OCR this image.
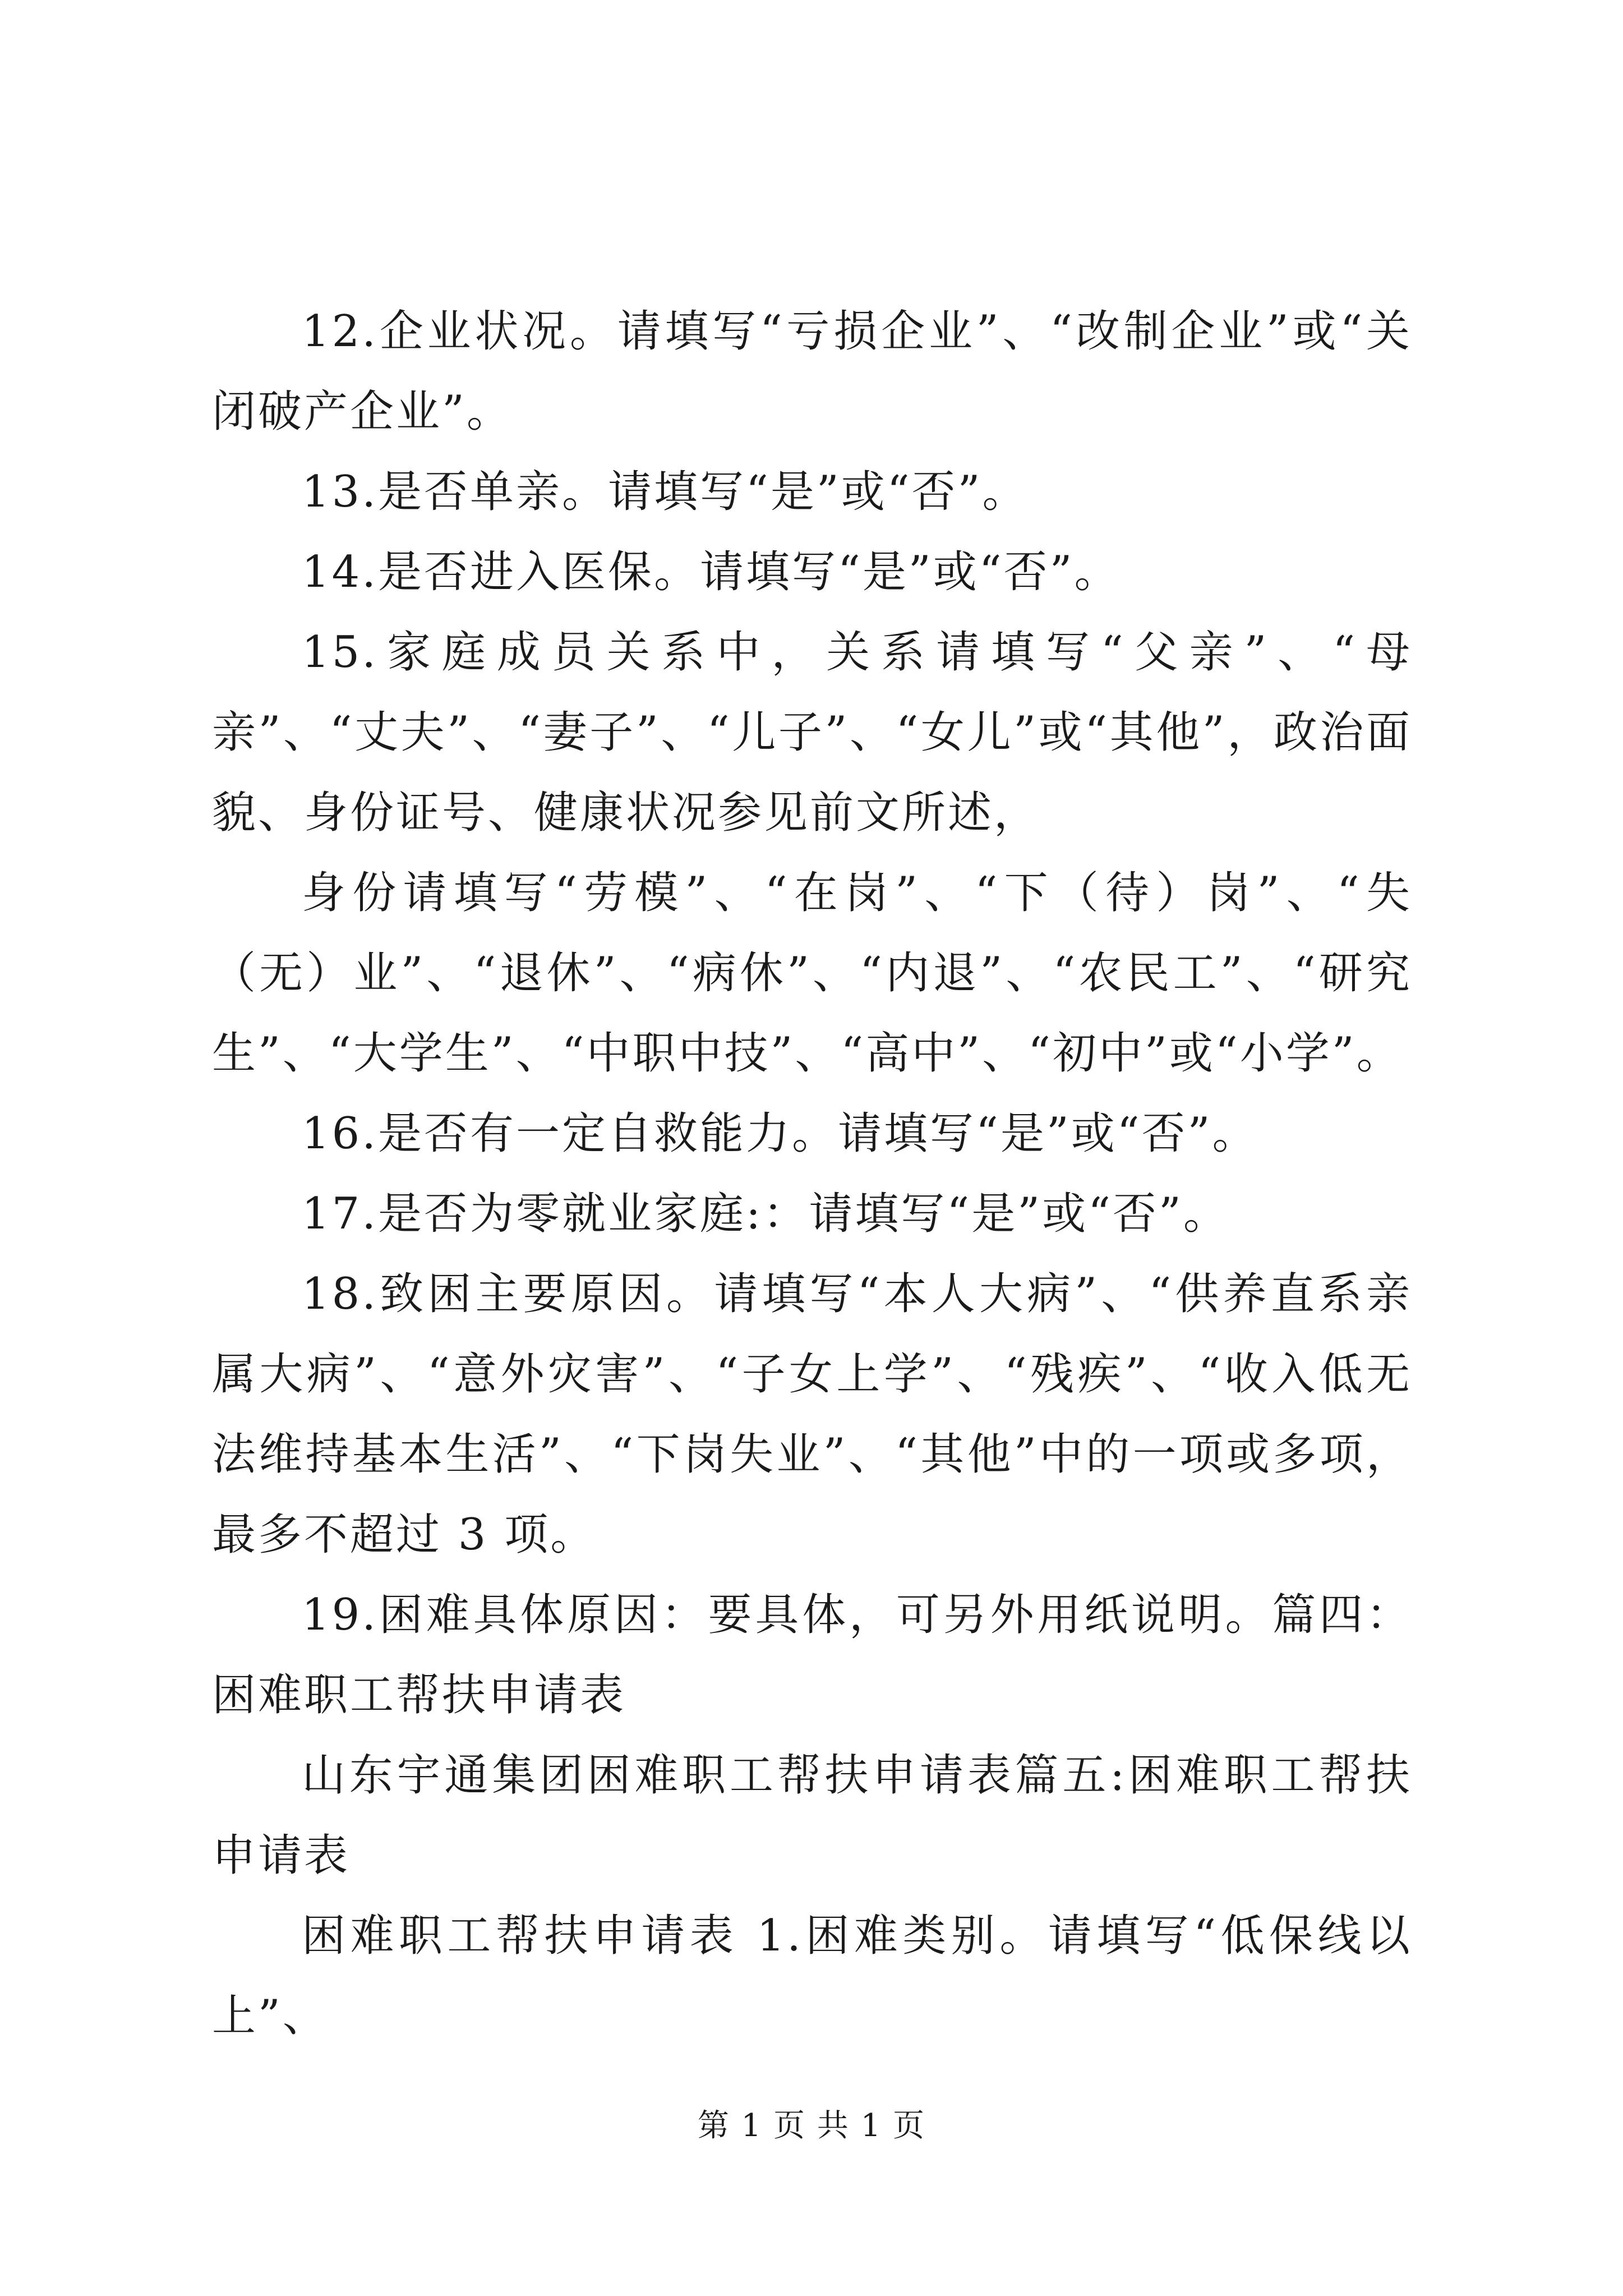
12.企业状况。请填写“亏损企业”、“改制企业”或“关闭破产企业”。

13.是否单亲。请填写“是”或“否”。

14.是否进入医保。请填写“是”或“否”。

15.家庭成员关系中，关系请填写“父亲”、“母亲”、“丈夫”、“妻子”、“儿子”、“女儿”或“其他”，政治面貌、身份证号、健康状况参见前文所述，

身份请填写“劳模”、“在岗”、“下（待）岗”、“失（无）业”、“退休”、“病休”、“内退”、“农民工”、“研究生”、“大学生”、“中职中技”、“高中”、“初中”或“小学”。

16.是否有一定自救能力。请填写“是”或“否”。

17.是否为零就业家庭:：请填写“是”或“否”。

18.致困主要原因。请填写“本人大病”、“供养直系亲属大病”、“意外灾害”、“子女上学”、“残疾”、“收入低无法维持基本生活”、“下岗失业”、“其他”中的一项或多项，最多不超过 3 项。

19.困难具体原因：要具体，可另外用纸说明。篇四：困难职工帮扶申请表

山东宇通集团困难职工帮扶申请表篇五:困难职工帮扶申请表

困难职工帮扶申请表 1.困难类别。请填写“低保线以上”、

第 1 页 共 1 页
